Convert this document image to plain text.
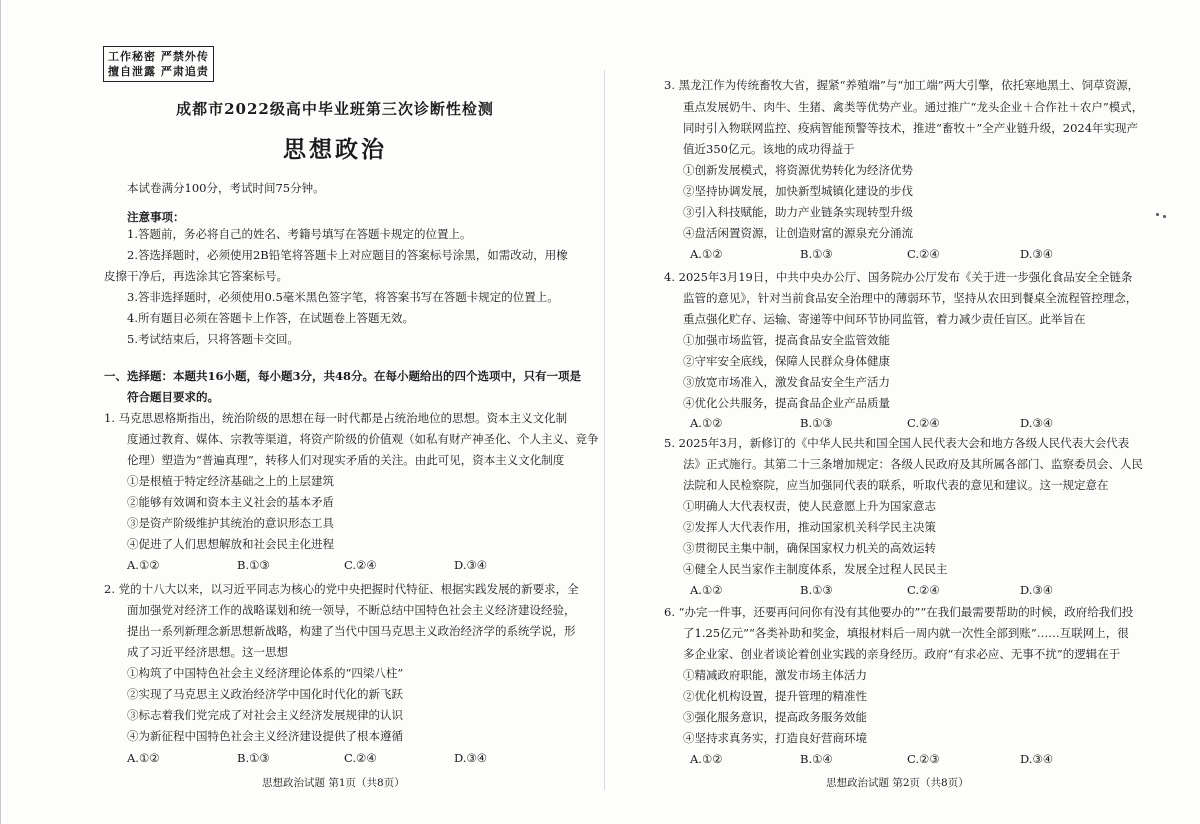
工作秘密 严禁外传
擅自泄露 严肃追责
成都市2022级高中毕业班第三次诊断性检测
思想政治
本试卷满分100分，考试时间75分钟。
注意事项：
1.答题前，务必将自己的姓名、考籍号填写在答题卡规定的位置上。
2.答选择题时，必须使用2B铅笔将答题卡上对应题目的答案标号涂黑，如需改动，用橡
皮擦干净后，再选涂其它答案标号。
3.答非选择题时，必须使用0.5毫米黑色签字笔，将答案书写在答题卡规定的位置上。
4.所有题目必须在答题卡上作答，在试题卷上答题无效。
5.考试结束后，只将答题卡交回。
一、选择题：本题共16小题，每小题3分，共48分。在每小题给出的四个选项中，只有一项是
符合题目要求的。
1. 马克思恩格斯指出，统治阶级的思想在每一时代都是占统治地位的思想。资本主义文化制
度通过教育、媒体、宗教等渠道，将资产阶级的价值观（如私有财产神圣化、个人主义、竞争
伦理）塑造为“普遍真理”，转移人们对现实矛盾的关注。由此可见，资本主义文化制度
①是根植于特定经济基础之上的上层建筑
②能够有效调和资本主义社会的基本矛盾
③是资产阶级维护其统治的意识形态工具
④促进了人们思想解放和社会民主化进程
A.①②	B.①③	C.②④	D.③④
2. 党的十八大以来，以习近平同志为核心的党中央把握时代特征、根据实践发展的新要求，全
面加强党对经济工作的战略谋划和统一领导，不断总结中国特色社会主义经济建设经验，
提出一系列新理念新思想新战略，构建了当代中国马克思主义政治经济学的系统学说，形
成了习近平经济思想。这一思想
①构筑了中国特色社会主义经济理论体系的“四梁八柱”
②实现了马克思主义政治经济学中国化时代化的新飞跃
③标志着我们党完成了对社会主义经济发展规律的认识
④为新征程中国特色社会主义经济建设提供了根本遵循
A.①②	B.①③	C.②④	D.③④
思想政治试题 第1页（共8页）
3. 黑龙江作为传统畜牧大省，握紧“养殖端”与“加工端”两大引擎，依托寒地黑土、饲草资源，
重点发展奶牛、肉牛、生猪、禽类等优势产业。通过推广“龙头企业＋合作社＋农户”模式，
同时引入物联网监控、疫病智能预警等技术，推进“畜牧＋”全产业链升级，2024年实现产
值近350亿元。该地的成功得益于
①创新发展模式，将资源优势转化为经济优势
②坚持协调发展，加快新型城镇化建设的步伐
③引入科技赋能，助力产业链条实现转型升级
④盘活闲置资源，让创造财富的源泉充分涌流
A.①②	B.①③	C.②④	D.③④
4. 2025年3月19日，中共中央办公厅、国务院办公厅发布《关于进一步强化食品安全全链条
监管的意见》，针对当前食品安全治理中的薄弱环节，坚持从农田到餐桌全流程管控理念，
重点强化贮存、运输、寄递等中间环节协同监管，着力减少责任盲区。此举旨在
①加强市场监管，提高食品安全监管效能
②守牢安全底线，保障人民群众身体健康
③放宽市场准入，激发食品安全生产活力
④优化公共服务，提高食品企业产品质量
A.①②	B.①③	C.②④	D.③④
5. 2025年3月，新修订的《中华人民共和国全国人民代表大会和地方各级人民代表大会代表
法》正式施行。其第二十三条增加规定：各级人民政府及其所属各部门、监察委员会、人民
法院和人民检察院，应当加强同代表的联系，听取代表的意见和建议。这一规定意在
①明确人大代表权责，使人民意愿上升为国家意志
②发挥人大代表作用，推动国家机关科学民主决策
③贯彻民主集中制，确保国家权力机关的高效运转
④健全人民当家作主制度体系，发展全过程人民民主
A.①②	B.①③	C.②④	D.③④
6. “办完一件事，还要再问问你有没有其他要办的”“在我们最需要帮助的时候，政府给我们投
了1.25亿元”“各类补助和奖金，填报材料后一周内就一次性全部到账”……互联网上，很
多企业家、创业者谈论着创业实践的亲身经历。政府“有求必应、无事不扰”的逻辑在于
①精减政府职能，激发市场主体活力
②优化机构设置，提升管理的精准性
③强化服务意识，提高政务服务效能
④坚持求真务实，打造良好营商环境
A.①②	B.①④	C.②③	D.③④
思想政治试题 第2页（共8页）
